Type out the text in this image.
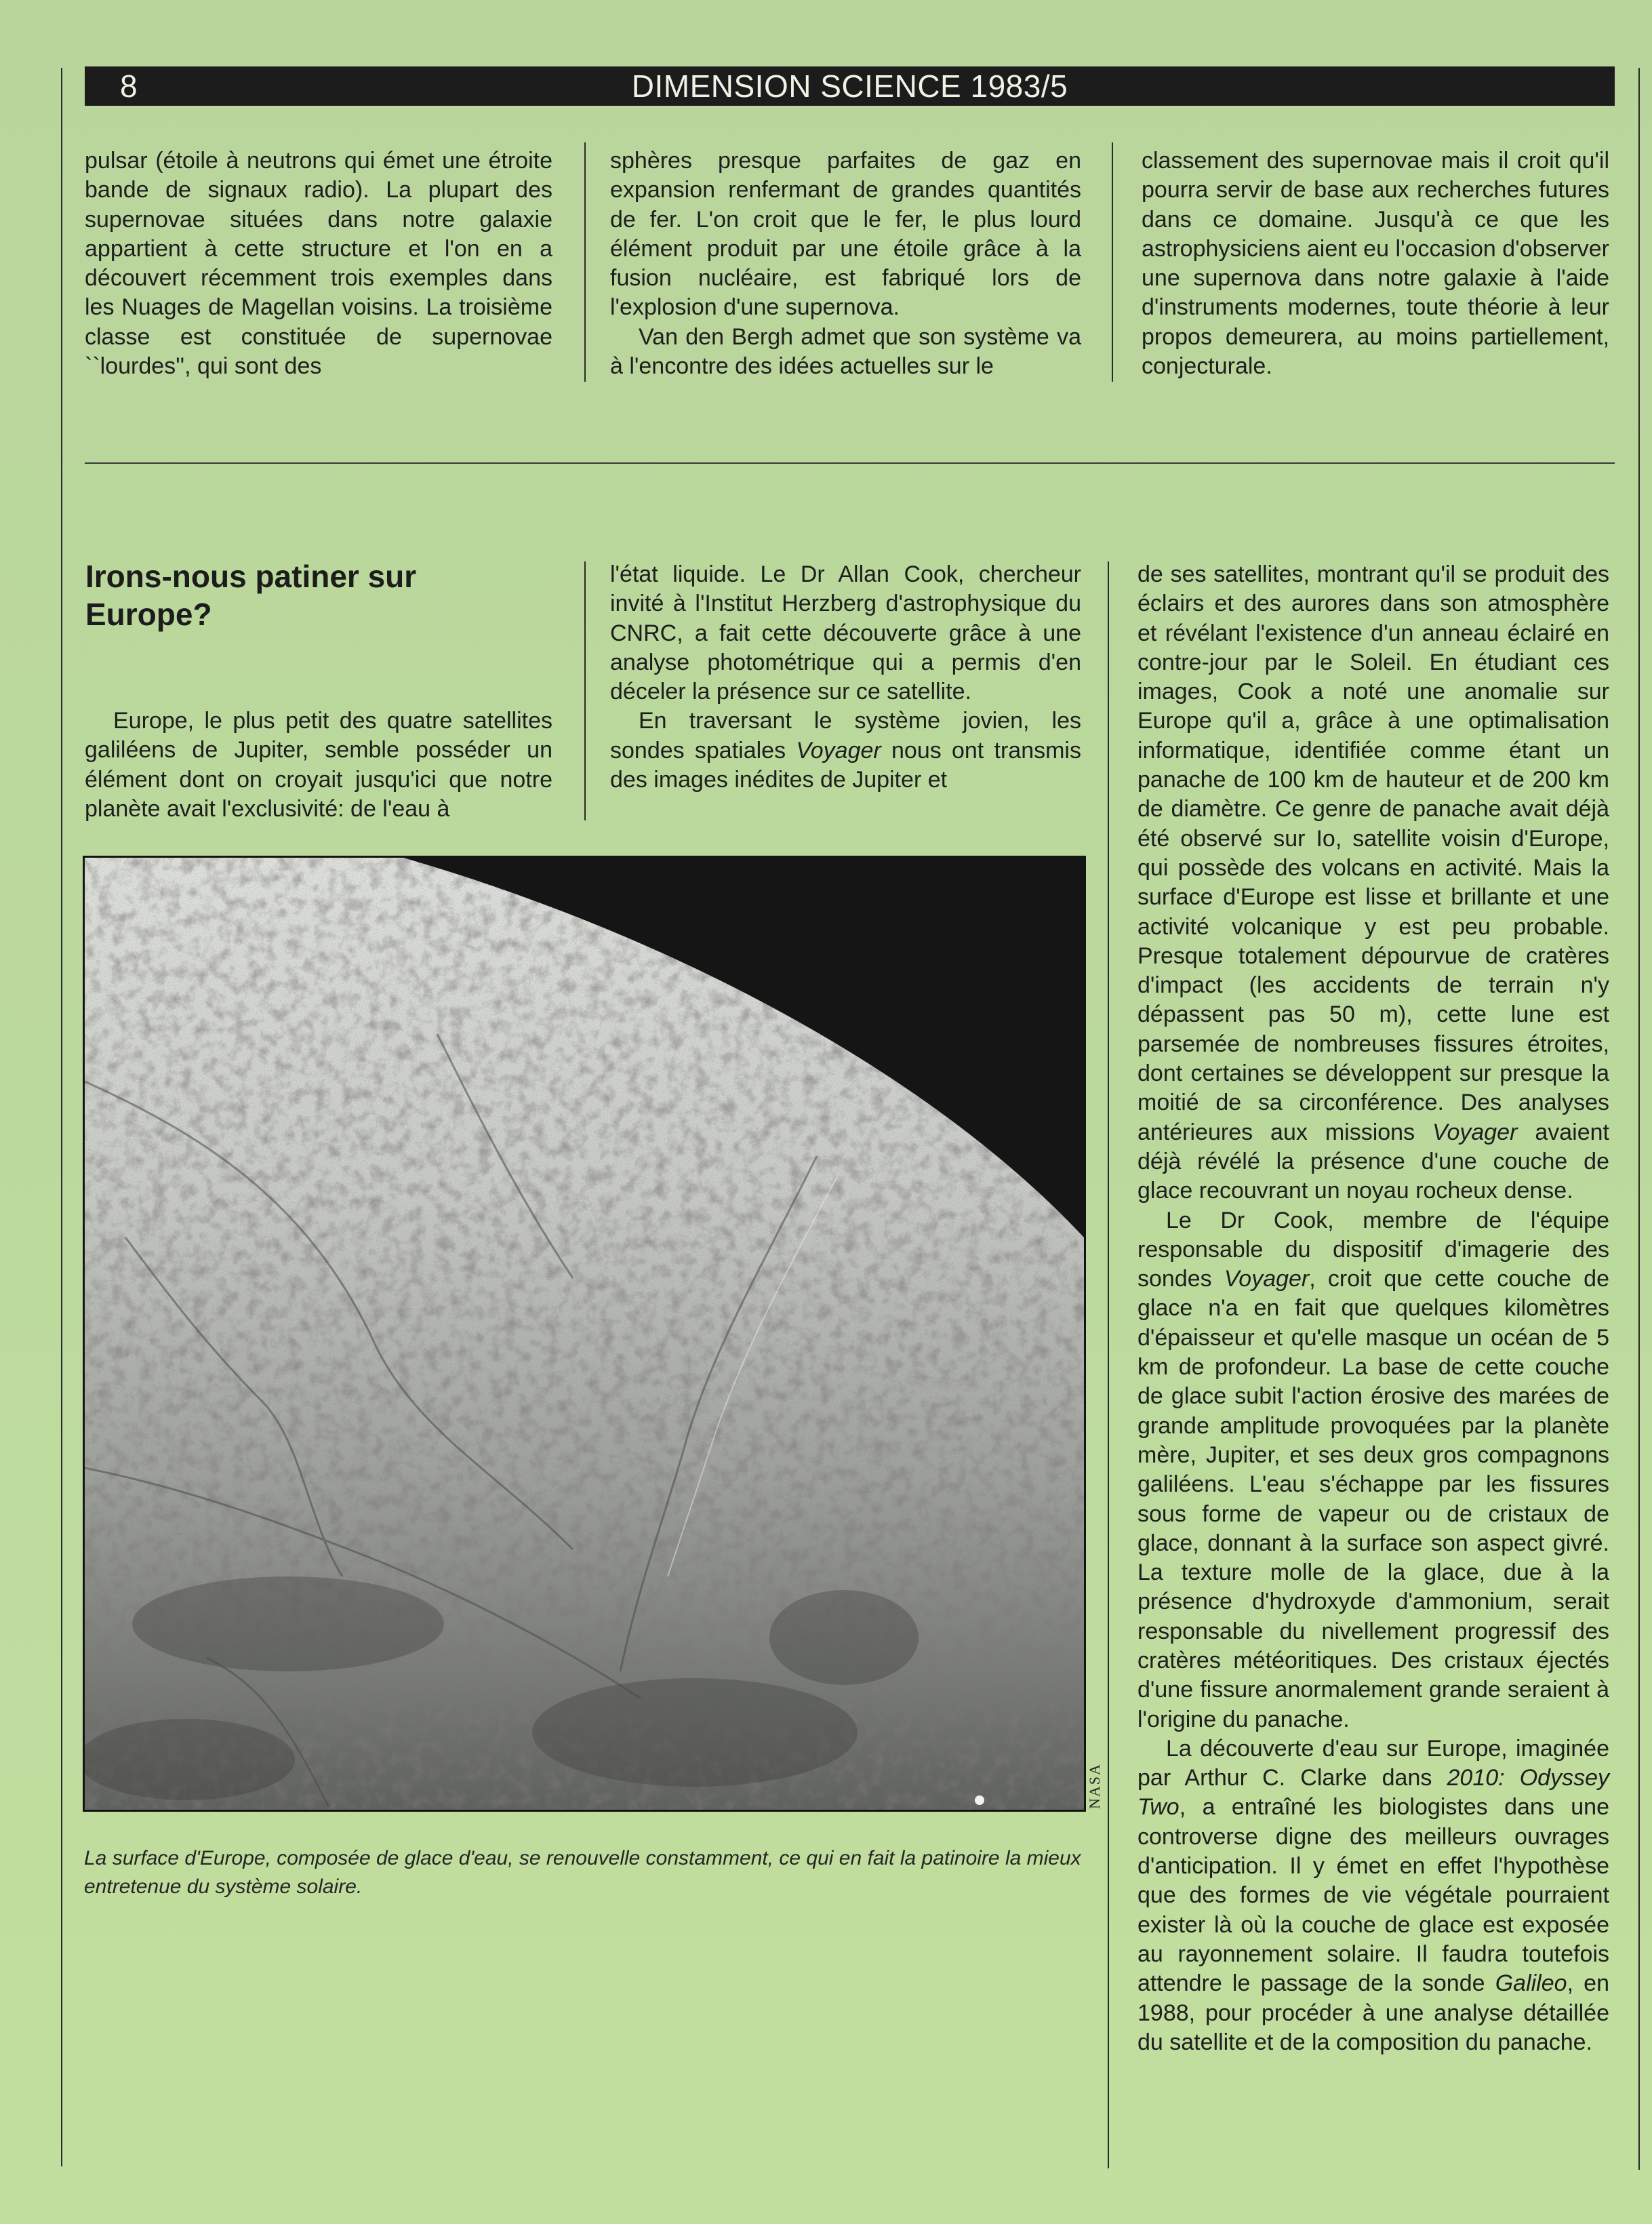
8	DIMENSION SCIENCE 1983/5

pulsar (étoile à neutrons qui émet une étroite bande de signaux radio). La plupart des supernovae situées dans notre galaxie appartient à cette structure et l'on en a découvert récemment trois exemples dans les Nuages de Magellan voisins. La troisième classe est constituée de supernovae ``lourdes'', qui sont des

sphères presque parfaites de gaz en expansion renfermant de grandes quantités de fer. L'on croit que le fer, le plus lourd élément produit par une étoile grâce à la fusion nucléaire, est fabriqué lors de l'explosion d'une supernova.

Van den Bergh admet que son système va à l'encontre des idées actuelles sur le

classement des supernovae mais il croit qu'il pourra servir de base aux recherches futures dans ce domaine. Jusqu'à ce que les astrophysiciens aient eu l'occasion d'observer une supernova dans notre galaxie à l'aide d'instruments modernes, toute théorie à leur propos demeurera, au moins partiellement, conjecturale.

Irons-nous patiner sur Europe?

Europe, le plus petit des quatre satellites galiléens de Jupiter, semble posséder un élément dont on croyait jusqu'ici que notre planète avait l'exclusivité: de l'eau à

l'état liquide. Le Dr Allan Cook, chercheur invité à l'Institut Herzberg d'astrophysique du CNRC, a fait cette découverte grâce à une analyse photométrique qui a permis d'en déceler la présence sur ce satellite.

En traversant le système jovien, les sondes spatiales Voyager nous ont transmis des images inédites de Jupiter et

de ses satellites, montrant qu'il se produit des éclairs et des aurores dans son atmosphère et révélant l'existence d'un anneau éclairé en contre-jour par le Soleil. En étudiant ces images, Cook a noté une anomalie sur Europe qu'il a, grâce à une optimalisation informatique, identifiée comme étant un panache de 100 km de hauteur et de 200 km de diamètre. Ce genre de panache avait déjà été observé sur Io, satellite voisin d'Europe, qui possède des volcans en activité. Mais la surface d'Europe est lisse et brillante et une activité volcanique y est peu probable. Presque totalement dépourvue de cratères d'impact (les accidents de terrain n'y dépassent pas 50 m), cette lune est parsemée de nombreuses fissures étroites, dont certaines se développent sur presque la moitié de sa circonférence. Des analyses antérieures aux missions Voyager avaient déjà révélé la présence d'une couche de glace recouvrant un noyau rocheux dense.

Le Dr Cook, membre de l'équipe responsable du dispositif d'imagerie des sondes Voyager, croit que cette couche de glace n'a en fait que quelques kilomètres d'épaisseur et qu'elle masque un océan de 5 km de profondeur. La base de cette couche de glace subit l'action érosive des marées de grande amplitude provoquées par la planète mère, Jupiter, et ses deux gros compagnons galiléens. L'eau s'échappe par les fissures sous forme de vapeur ou de cristaux de glace, donnant à la surface son aspect givré. La texture molle de la glace, due à la présence d'hydroxyde d'ammonium, serait responsable du nivellement progressif des cratères météoritiques. Des cristaux éjectés d'une fissure anormalement grande seraient à l'origine du panache.

La découverte d'eau sur Europe, imaginée par Arthur C. Clarke dans 2010: Odyssey Two, a entraîné les biologistes dans une controverse digne des meilleurs ouvrages d'anticipation. Il y émet en effet l'hypothèse que des formes de vie végétale pourraient exister là où la couche de glace est exposée au rayonnement solaire. Il faudra toutefois attendre le passage de la sonde Galileo, en 1988, pour procéder à une analyse détaillée du satellite et de la composition du panache.

NASA

La surface d'Europe, composée de glace d'eau, se renouvelle constamment, ce qui en fait la patinoire la mieux entretenue du système solaire.
